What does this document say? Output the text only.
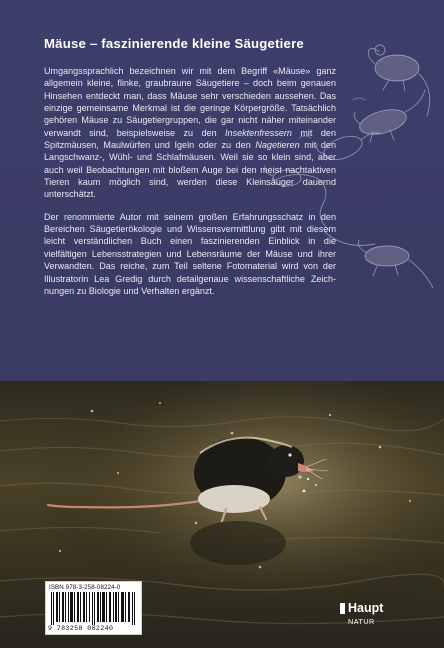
Mäuse – faszinierende kleine Säugetiere

Umgangssprachlich bezeichnen wir mit dem Begriff «Mäuse» ganz allgemein kleine, flinke, graubraune Säugetiere – doch beim genauen Hinsehen entdeckt man, dass Mäuse sehr verschieden aussehen. Das einzige gemeinsame Merkmal ist die geringe Körpergröße. Tatsächlich gehören Mäuse zu Säugetiergruppen, die gar nicht näher miteinander verwandt sind, beispielsweise zu den Insektenfressern mit den Spitzmäusen, Maulwürfen und Igeln oder zu den Nagetieren mit den Langschwanz-, Wühl- und Schlafmäusen. Weil sie so klein sind, aber auch weil Beobachtungen mit bloßem Auge bei den meist nachtaktiven Tieren kaum möglich sind, werden diese Kleinsäuger dauernd unterschätzt.

Der renommierte Autor mit seinem großen Erfahrungsschatz in den Bereichen Säugetierökologie und Wissensvermittlung gibt mit diesem leicht verständlichen Buch einen faszinierenden Einblick in die vielfältigen Lebensstrategien und Lebensräume der Mäuse und ihrer Verwandten. Das reiche, zum Teil seltene Fotomaterial wird von der Illustratorin Lea Gredig durch detailgenaue wissenschaftliche Zeichnungen zu Biologie und Verhalten ergänzt.

ISBN 978-3-258-08224-0
9 783258 082240
Haupt
NATUR
